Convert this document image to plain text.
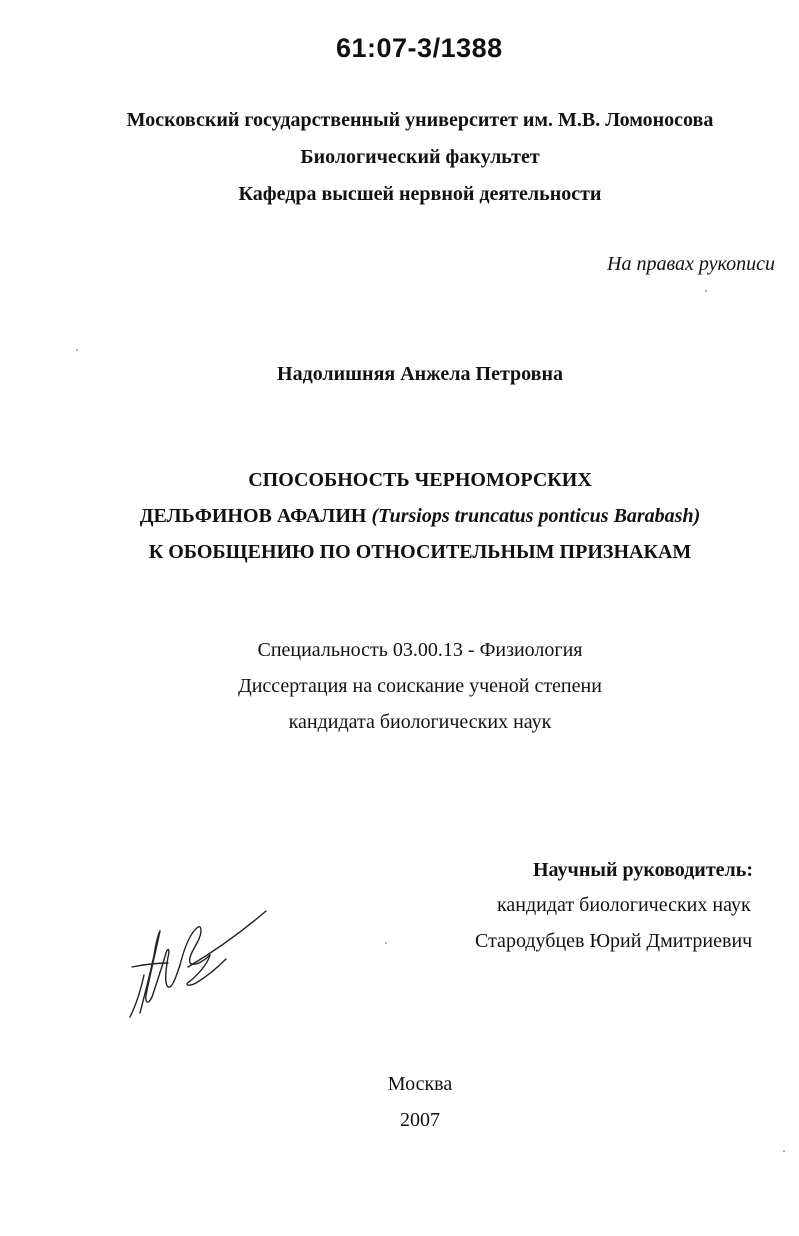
61:07-3/1388
Московский государственный университет им. М.В. Ломоносова
Биологический факультет
Кафедра высшей нервной деятельности
На правах рукописи
Надолишняя Анжела Петровна
СПОСОБНОСТЬ ЧЕРНОМОРСКИХ
ДЕЛЬФИНОВ АФАЛИН (Tursiops truncatus ponticus Barabash)
К ОБОБЩЕНИЮ ПО ОТНОСИТЕЛЬНЫМ ПРИЗНАКАМ
Специальность 03.00.13 - Физиология
Диссертация на соискание ученой степени
кандидата биологических наук
Научный руководитель:
кандидат биологических наук
Стародубцев Юрий Дмитриевич
Москва
2007
